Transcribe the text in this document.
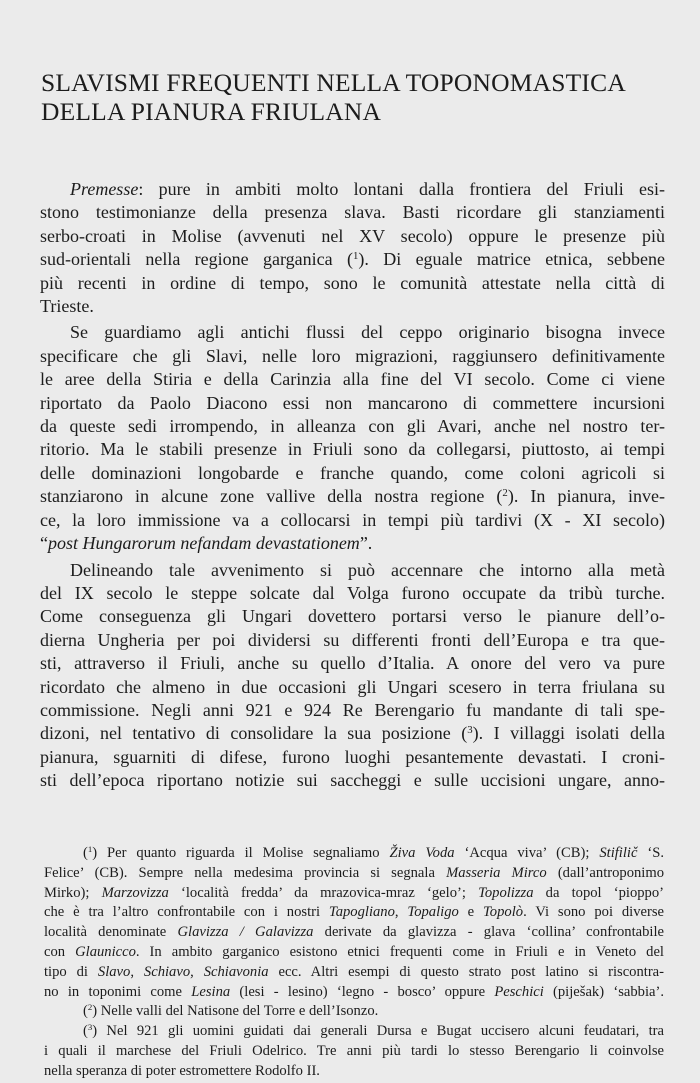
SLAVISMI FREQUENTI NELLA TOPONOMASTICA
DELLA PIANURA FRIULANA
Premesse: pure in ambiti molto lontani dalla frontiera del Friuli esi-
stono testimonianze della presenza slava. Basti ricordare gli stanziamenti
serbo-croati in Molise (avvenuti nel XV secolo) oppure le presenze più
sud-orientali nella regione garganica ($^1$). Di eguale matrice etnica, sebbene
più recenti in ordine di tempo, sono le comunità attestate nella città di
Trieste.
Se guardiamo agli antichi flussi del ceppo originario bisogna invece
specificare che gli Slavi, nelle loro migrazioni, raggiunsero definitivamente
le aree della Stiria e della Carinzia alla fine del VI secolo. Come ci viene
riportato da Paolo Diacono essi non mancarono di commettere incursioni
da queste sedi irrompendo, in alleanza con gli Avari, anche nel nostro ter-
ritorio. Ma le stabili presenze in Friuli sono da collegarsi, piuttosto, ai tempi
delle dominazioni longobarde e franche quando, come coloni agricoli si
stanziarono in alcune zone vallive della nostra regione ($^2$). In pianura, inve-
ce, la loro immissione va a collocarsi in tempi più tardivi (X - XI secolo)
“post Hungarorum nefandam devastationem”.
Delineando tale avvenimento si può accennare che intorno alla metà
del IX secolo le steppe solcate dal Volga furono occupate da tribù turche.
Come conseguenza gli Ungari dovettero portarsi verso le pianure dell’o-
dierna Ungheria per poi dividersi su differenti fronti dell’Europa e tra que-
sti, attraverso il Friuli, anche su quello d’Italia. A onore del vero va pure
ricordato che almeno in due occasioni gli Ungari scesero in terra friulana su
commissione. Negli anni 921 e 924 Re Berengario fu mandante di tali spe-
dizoni, nel tentativo di consolidare la sua posizione ($^3$). I villaggi isolati della
pianura, sguarniti di difese, furono luoghi pesantemente devastati. I croni-
sti dell’epoca riportano notizie sui saccheggi e sulle uccisioni ungare, anno-
($^1$) Per quanto riguarda il Molise segnaliamo Živa Voda ‘Acqua viva’ (CB); Stifilič ‘S.
Felice’ (CB). Sempre nella medesima provincia si segnala Masseria Mirco (dall’antroponimo
Mirko); Marzovizza ‘località fredda’ da mrazovica-mraz ‘gelo’; Topolizza da topol ‘pioppo’
che è tra l’altro confrontabile con i nostri Tapogliano, Topaligo e Topolò. Vi sono poi diverse
località denominate Glavizza / Galavizza derivate da glavizza - glava ‘collina’ confrontabile
con Glaunicco. In ambito garganico esistono etnici frequenti come in Friuli e in Veneto del
tipo di Slavo, Schiavo, Schiavonia ecc. Altri esempi di questo strato post latino si riscontra-
no in toponimi come Lesina (lesi - lesino) ‘legno - bosco’ oppure Peschici (piješak) ‘sabbia’.
($^2$) Nelle valli del Natisone del Torre e dell’Isonzo.
($^3$) Nel 921 gli uomini guidati dai generali Dursa e Bugat uccisero alcuni feudatari, tra
i quali il marchese del Friuli Odelrico. Tre anni più tardi lo stesso Berengario li coinvolse
nella speranza di poter estromettere Rodolfo II.
